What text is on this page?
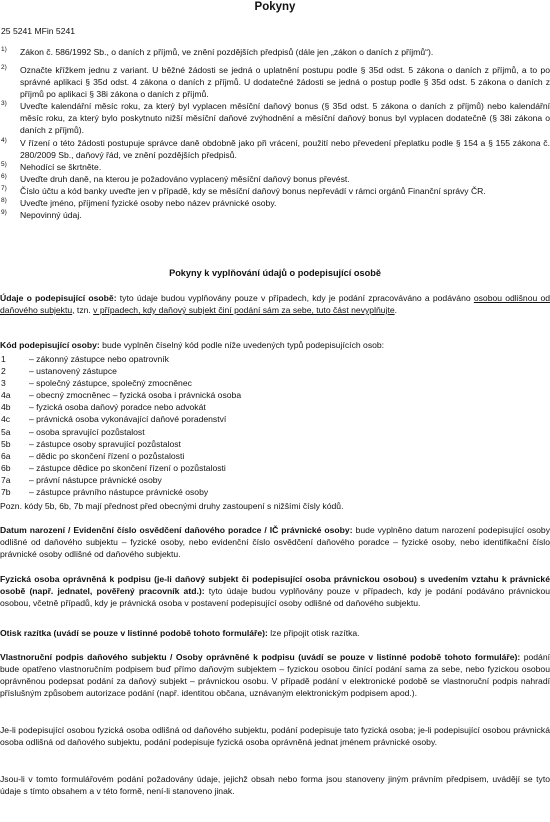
Pokyny
25 5241 MFin 5241
1) Zákon č. 586/1992 Sb., o daních z příjmů, ve znění pozdějších předpisů (dále jen „zákon o daních z příjmů“).
2) Označte křížkem jednu z variant. U běžné žádosti se jedná o uplatnění postupu podle § 35d odst. 5 zákona o daních z příjmů, a to po správné aplikaci § 35d odst. 4 zákona o daních z příjmů. U dodatečné žádosti se jedná o postup podle § 35d odst. 5 zákona o daních z příjmů po aplikaci § 38i zákona o daních z příjmů.
3) Uveďte kalendářní měsíc roku, za který byl vyplacen měsíční daňový bonus (§ 35d odst. 5 zákona o daních z příjmů) nebo kalendářní měsíc roku, za který bylo poskytnuto nižší měsíční daňové zvýhodnění a měsíční daňový bonus byl vyplacen dodatečně (§ 38i zákona o daních z příjmů).
4) V řízení o této žádosti postupuje správce daně obdobně jako při vrácení, použití nebo převedení přeplatku podle § 154 a § 155 zákona č. 280/2009 Sb., daňový řád, ve znění pozdějších předpisů.
5) Nehodící se škrtněte.
6) Uveďte druh daně, na kterou je požadováno vyplacený měsíční daňový bonus převést.
7) Číslo účtu a kód banky uveďte jen v případě, kdy se měsíční daňový bonus nepřevádí v rámci orgánů Finanční správy ČR.
8) Uveďte jméno, příjmení fyzické osoby nebo název právnické osoby.
9) Nepovinný údaj.
Pokyny k vyplňování údajů o podepisující osobě
Údaje o podepisující osobě: tyto údaje budou vyplňovány pouze v případech, kdy je podání zpracováváno a podáváno osobou odlišnou od daňového subjektu, tzn. v případech, kdy daňový subjekt činí podání sám za sebe, tuto část nevyplňujte.
Kód podepisující osoby: bude vyplněn číselný kód podle níže uvedených typů podepisujících osob:
1	– zákonný zástupce nebo opatrovník
2	– ustanovený zástupce
3	– společný zástupce, společný zmocněnec
4a – obecný zmocněnec – fyzická osoba i právnická osoba
4b – fyzická osoba daňový poradce nebo advokát
4c – právnická osoba vykonávající daňové poradenství
5a – osoba spravující pozůstalost
5b – zástupce osoby spravující pozůstalost
6a – dědic po skončení řízení o pozůstalosti
6b – zástupce dědice po skončení řízení o pozůstalosti
7a – právní nástupce právnické osoby
7b – zástupce právního nástupce právnické osoby
Pozn. kódy 5b, 6b, 7b mají přednost před obecnými druhy zastoupení s nižšími čísly kódů.
Datum narození / Evidenční číslo osvědčení daňového poradce / IČ právnické osoby: bude vyplněno datum narození podepisující osoby odlišné od daňového subjektu – fyzické osoby, nebo evidenční číslo osvědčení daňového poradce – fyzické osoby, nebo identifikační číslo právnické osoby odlišné od daňového subjektu.
Fyzická osoba oprávněná k podpisu (je-li daňový subjekt či podepisující osoba právnickou osobou) s uvedením vztahu k právnické osobě (např. jednatel, pověřený pracovník atd.): tyto údaje budou vyplňovány pouze v případech, kdy je podání podáváno právnickou osobou, včetně případů, kdy je právnická osoba v postavení podepisující osoby odlišné od daňového subjektu.
Otisk razítka (uvádí se pouze v listinné podobě tohoto formuláře): lze připojit otisk razítka.
Vlastnoruční podpis daňového subjektu / Osoby oprávněné k podpisu (uvádí se pouze v listinné podobě tohoto formuláře): podání bude opatřeno vlastnoručním podpisem buď přímo daňovým subjektem – fyzickou osobou činící podání sama za sebe, nebo fyzickou osobou oprávněnou podepsat podání za daňový subjekt – právnickou osobu. V případě podání v elektronické podobě se vlastnoruční podpis nahradí příslušným způsobem autorizace podání (např. identitou občana, uznávaným elektronickým podpisem apod.).
Je-li podepisující osobou fyzická osoba odlišná od daňového subjektu, podání podepisuje tato fyzická osoba; je-li podepisující osobou právnická osoba odlišná od daňového subjektu, podání podepisuje fyzická osoba oprávněná jednat jménem právnické osoby.
Jsou-li v tomto formulářovém podání požadovány údaje, jejichž obsah nebo forma jsou stanoveny jiným právním předpisem, uvádějí se tyto údaje s tímto obsahem a v této formě, není-li stanoveno jinak.
